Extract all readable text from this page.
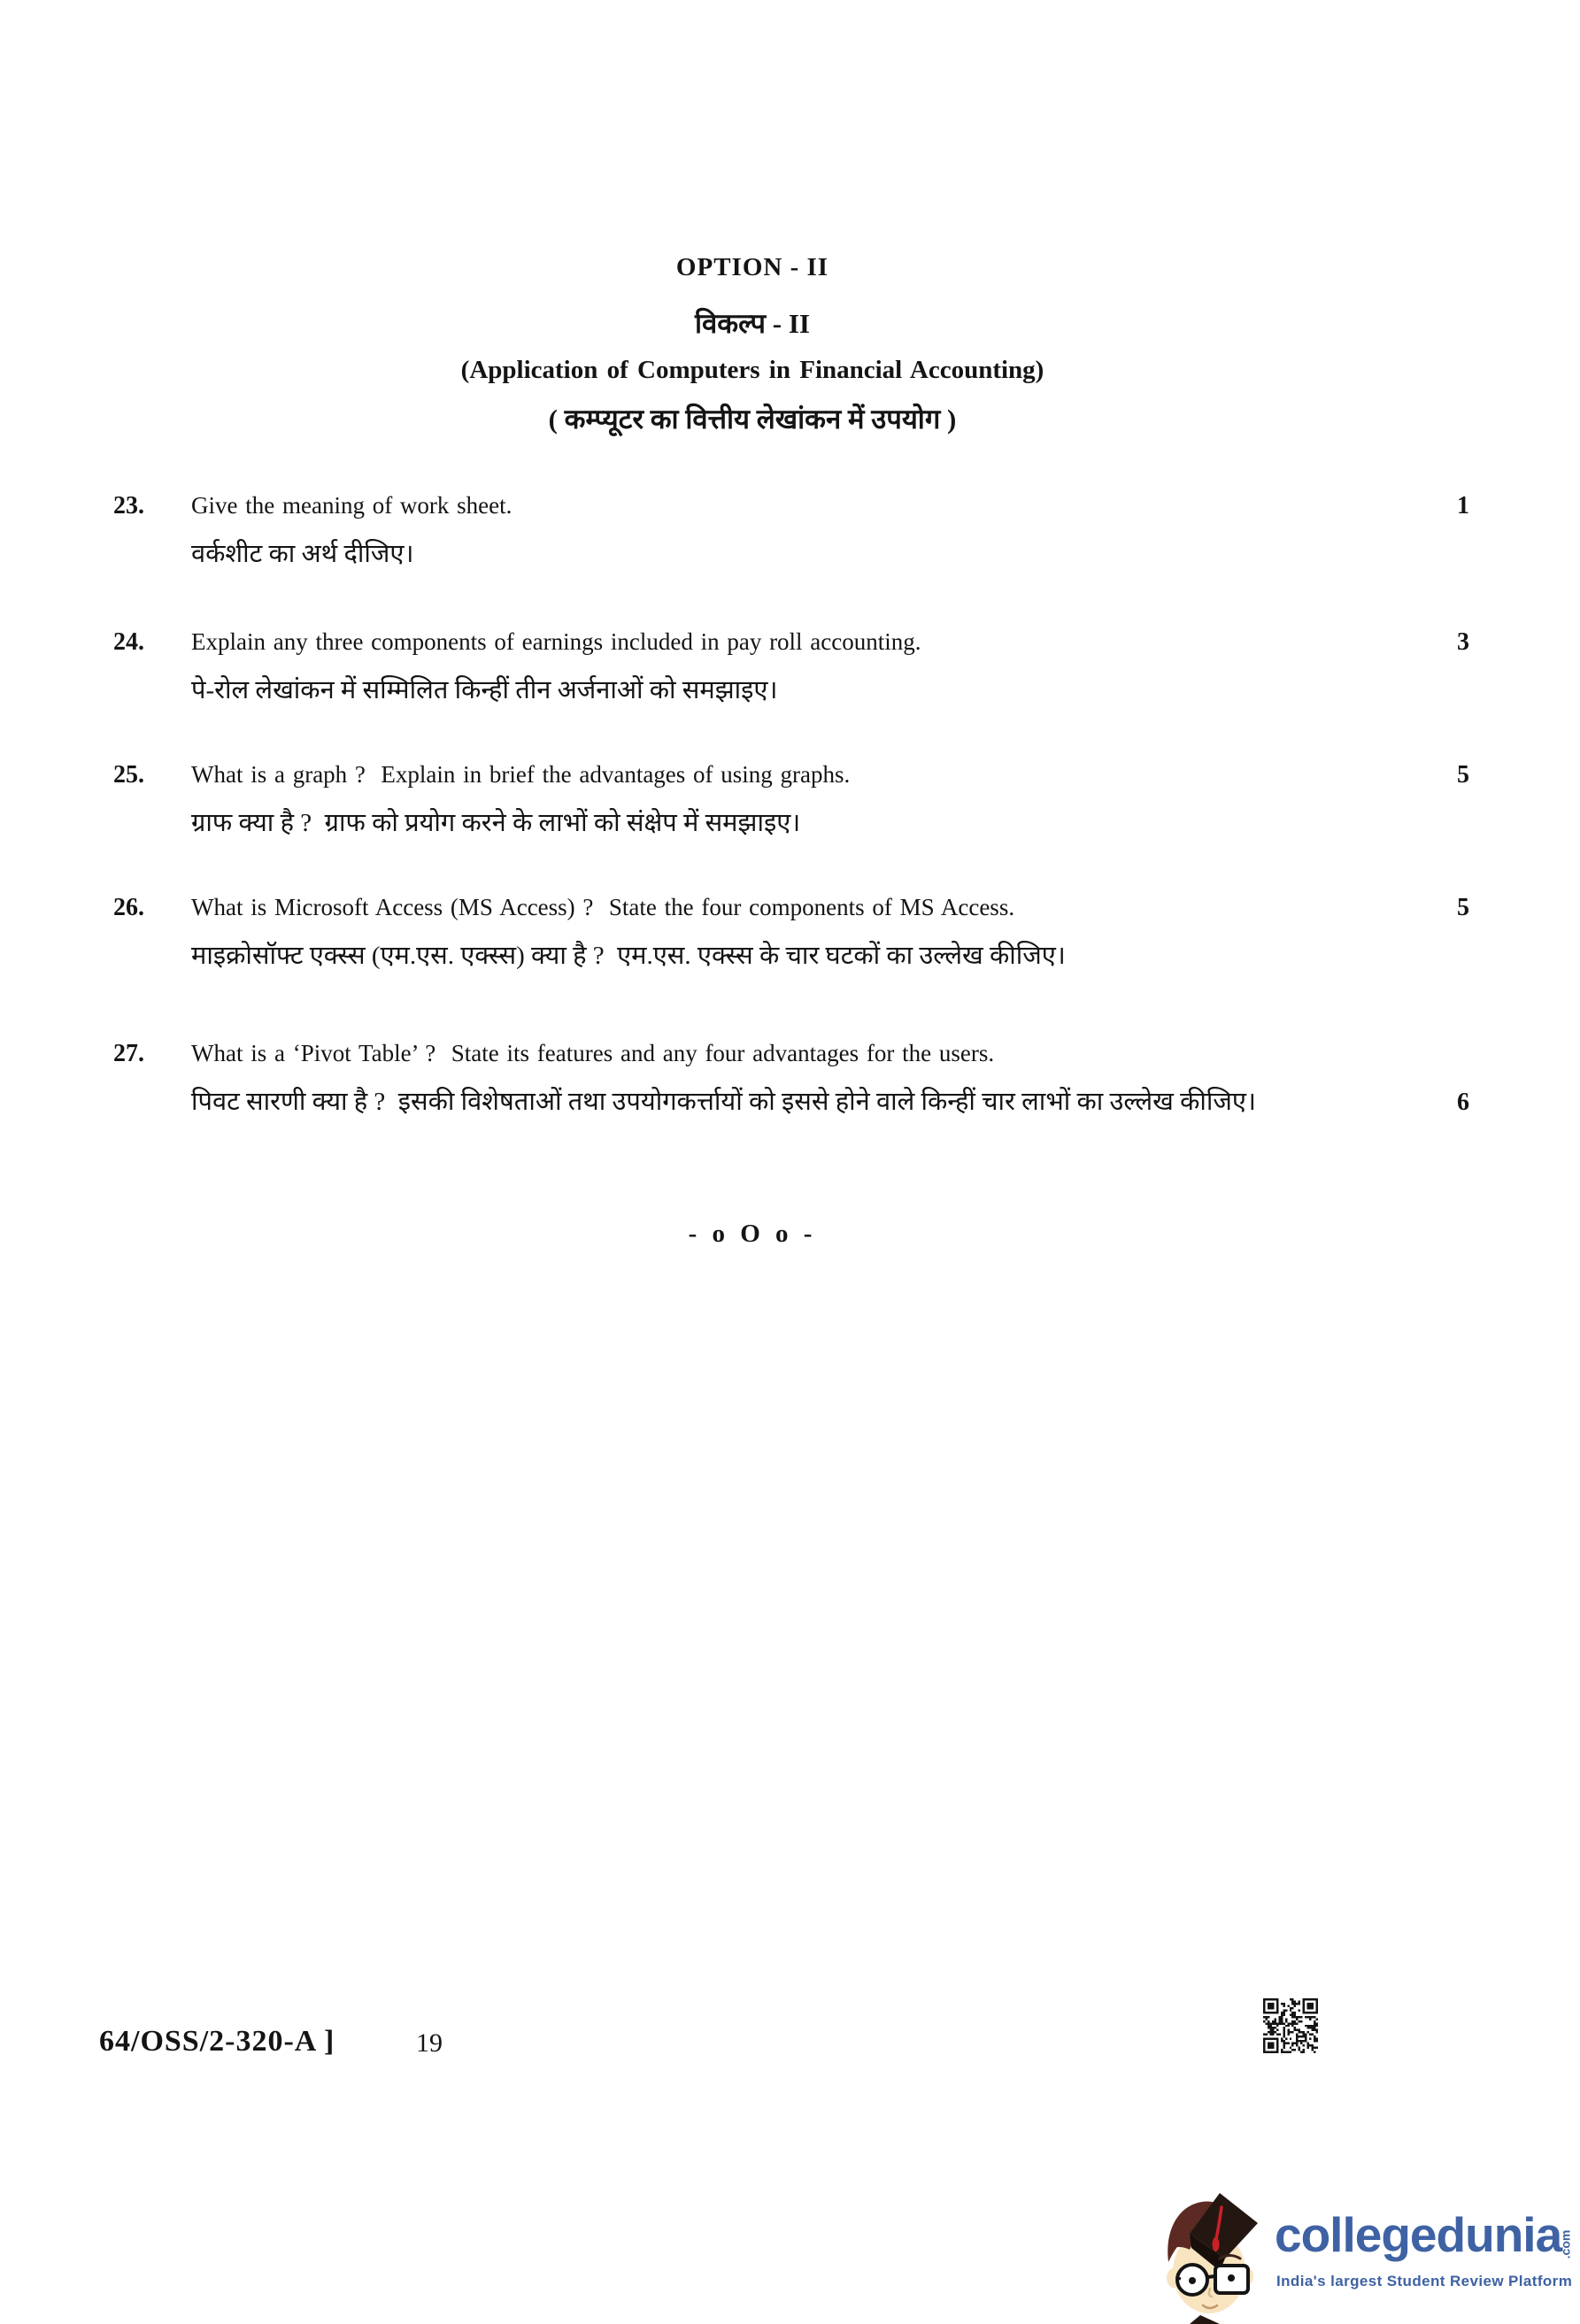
OPTION - II
विकल्प - II
(Application of Computers in Financial Accounting)
( कम्प्यूटर का वित्तीय लेखांकन में उपयोग )
23. Give the meaning of work sheet.
वर्कशीट का अर्थ दीजिए।
1
24. Explain any three components of earnings included in pay roll accounting.
पे-रोल लेखांकन में सम्मिलित किन्हीं तीन अर्जनाओं को समझाइए।
3
25. What is a graph ?  Explain in brief the advantages of using graphs.
ग्राफ क्या है ?  ग्राफ को प्रयोग करने के लाभों को संक्षेप में समझाइए।
5
26. What is Microsoft Access (MS Access) ?  State the four components of MS Access.
माइक्रोसॉफ्ट एक्स्स (एम.एस. एक्स्स) क्या है ?  एम.एस. एक्स्स के चार घटकों का उल्लेख कीजिए।
5
27. What is a ‘Pivot Table’ ?  State its features and any four advantages for the users.
पिवट सारणी क्या है ?  इसकी विशेषताओं तथा उपयोगकर्त्तायों को इससे होने वाले किन्हीं चार लाभों का उल्लेख कीजिए।	6
- o O o -
64/OSS/2-320-A ]	19
collegedunia
.com
India's largest Student Review Platform
